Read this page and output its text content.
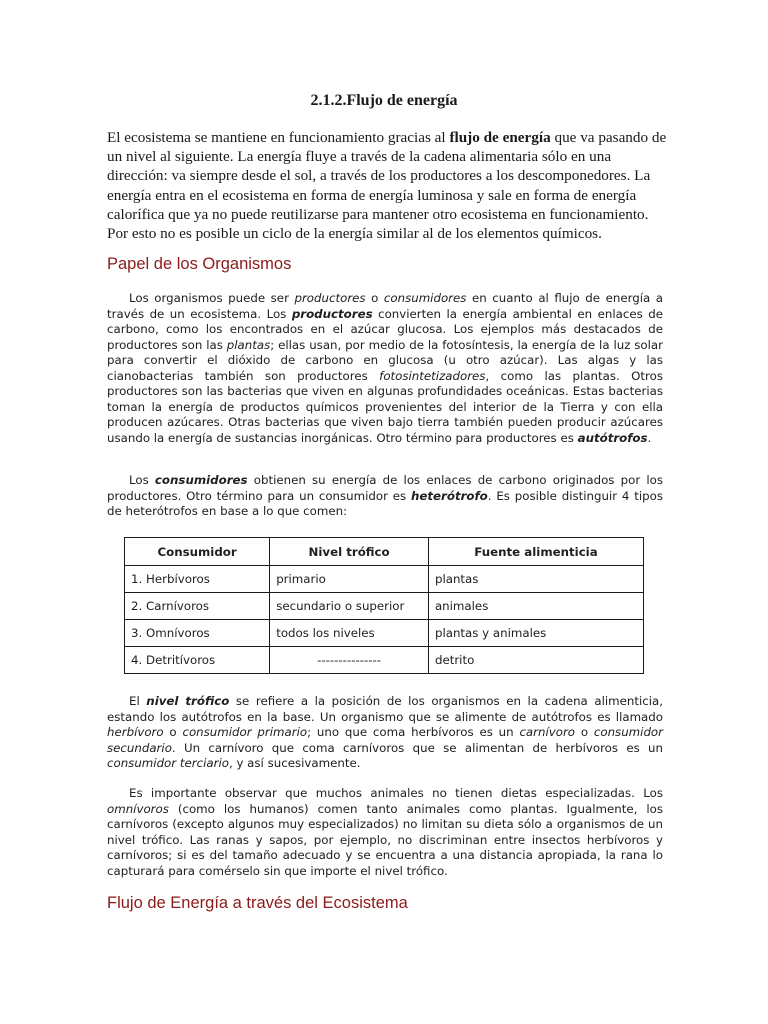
2.1.2.Flujo de energía
El ecosistema se mantiene en funcionamiento gracias al flujo de energía que va pasando de un nivel al siguiente. La energía fluye a través de la cadena alimentaria sólo en una dirección: va siempre desde el sol, a través de los productores a los descomponedores. La energía entra en el ecosistema en forma de energía luminosa y sale en forma de energía calorífica que ya no puede reutilizarse para mantener otro ecosistema en funcionamiento. Por esto no es posible un ciclo de la energía similar al de los elementos químicos.
Papel de los Organismos
Los organismos puede ser productores o consumidores en cuanto al flujo de energía a través de un ecosistema. Los productores convierten la energía ambiental en enlaces de carbono, como los encontrados en el azúcar glucosa. Los ejemplos más destacados de productores son las plantas; ellas usan, por medio de la fotosíntesis, la energía de la luz solar para convertir el dióxido de carbono en glucosa (u otro azúcar). Las algas y las cianobacterias también son productores fotosintetizadores, como las plantas. Otros productores son las bacterias que viven en algunas profundidades oceánicas. Estas bacterias toman la energía de productos químicos provenientes del interior de la Tierra y con ella producen azúcares. Otras bacterias que viven bajo tierra también pueden producir azúcares usando la energía de sustancias inorgánicas. Otro término para productores es autótrofos.
Los consumidores obtienen su energía de los enlaces de carbono originados por los productores. Otro término para un consumidor es heterótrofo. Es posible distinguir 4 tipos de heterótrofos en base a lo que comen:
Consumidor	Nivel trófico	Fuente alimenticia
1. Herbívoros	primario	plantas
2. Carnívoros	secundario o superior	animales
3. Omnívoros	todos los niveles	plantas y animales
4. Detritívoros	---------------	detrito
El nivel trófico se refiere a la posición de los organismos en la cadena alimenticia, estando los autótrofos en la base. Un organismo que se alimente de autótrofos es llamado herbívoro o consumidor primario; uno que coma herbívoros es un carnívoro o consumidor secundario. Un carnívoro que coma carnívoros que se alimentan de herbívoros es un consumidor terciario, y así sucesivamente.
Es importante observar que muchos animales no tienen dietas especializadas. Los omnívoros (como los humanos) comen tanto animales como plantas. Igualmente, los carnívoros (excepto algunos muy especializados) no limitan su dieta sólo a organismos de un nivel trófico. Las ranas y sapos, por ejemplo, no discriminan entre insectos herbívoros y carnívoros; si es del tamaño adecuado y se encuentra a una distancia apropiada, la rana lo capturará para comérselo sin que importe el nivel trófico.
Flujo de Energía a través del Ecosistema
